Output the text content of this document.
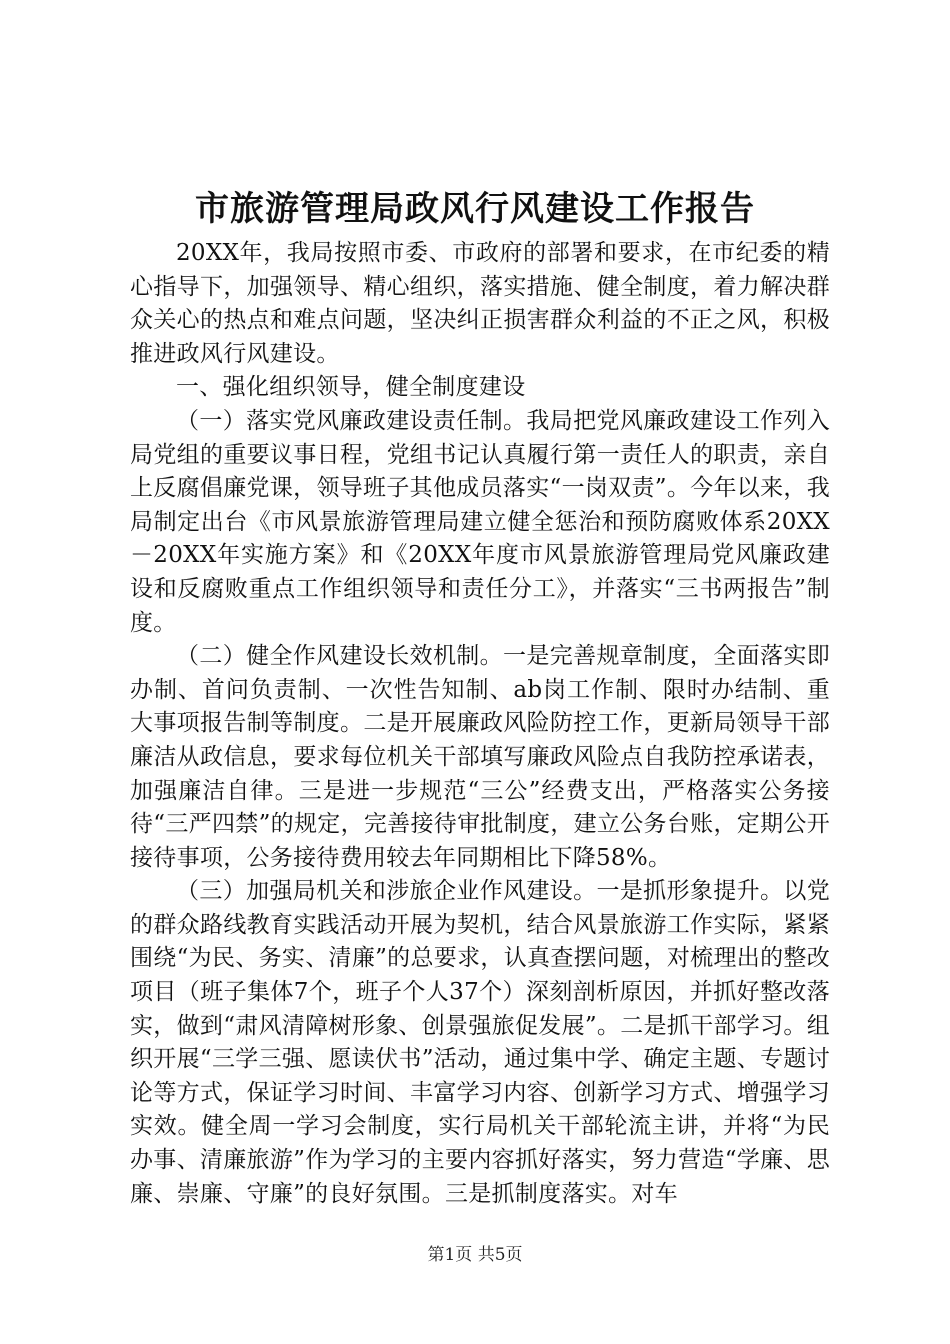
市旅游管理局政风行风建设工作报告

20XX年，我局按照市委、市政府的部署和要求，在市纪委的精心指导下，加强领导、精心组织，落实措施、健全制度，着力解决群众关心的热点和难点问题，坚决纠正损害群众利益的不正之风，积极推进政风行风建设。

一、强化组织领导，健全制度建设

（一）落实党风廉政建设责任制。我局把党风廉政建设工作列入局党组的重要议事日程，党组书记认真履行第一责任人的职责，亲自上反腐倡廉党课，领导班子其他成员落实“一岗双责”。今年以来，我局制定出台《市风景旅游管理局建立健全惩治和预防腐败体系20XX－20XX年实施方案》和《20XX年度市风景旅游管理局党风廉政建设和反腐败重点工作组织领导和责任分工》，并落实“三书两报告”制度。

（二）健全作风建设长效机制。一是完善规章制度，全面落实即办制、首问负责制、一次性告知制、ab岗工作制、限时办结制、重大事项报告制等制度。二是开展廉政风险防控工作，更新局领导干部廉洁从政信息，要求每位机关干部填写廉政风险点自我防控承诺表，加强廉洁自律。三是进一步规范“三公”经费支出，严格落实公务接待“三严四禁”的规定，完善接待审批制度，建立公务台账，定期公开接待事项，公务接待费用较去年同期相比下降58%。

（三）加强局机关和涉旅企业作风建设。一是抓形象提升。以党的群众路线教育实践活动开展为契机，结合风景旅游工作实际，紧紧围绕“为民、务实、清廉”的总要求，认真查摆问题，对梳理出的整改项目（班子集体7个，班子个人37个）深刻剖析原因，并抓好整改落实，做到“肃风清障树形象、创景强旅促发展”。二是抓干部学习。组织开展“三学三强、愿读伏书”活动，通过集中学、确定主题、专题讨论等方式，保证学习时间、丰富学习内容、创新学习方式、增强学习实效。健全周一学习会制度，实行局机关干部轮流主讲，并将“为民办事、清廉旅游”作为学习的主要内容抓好落实，努力营造“学廉、思廉、崇廉、守廉”的良好氛围。三是抓制度落实。对车

第1页 共5页
